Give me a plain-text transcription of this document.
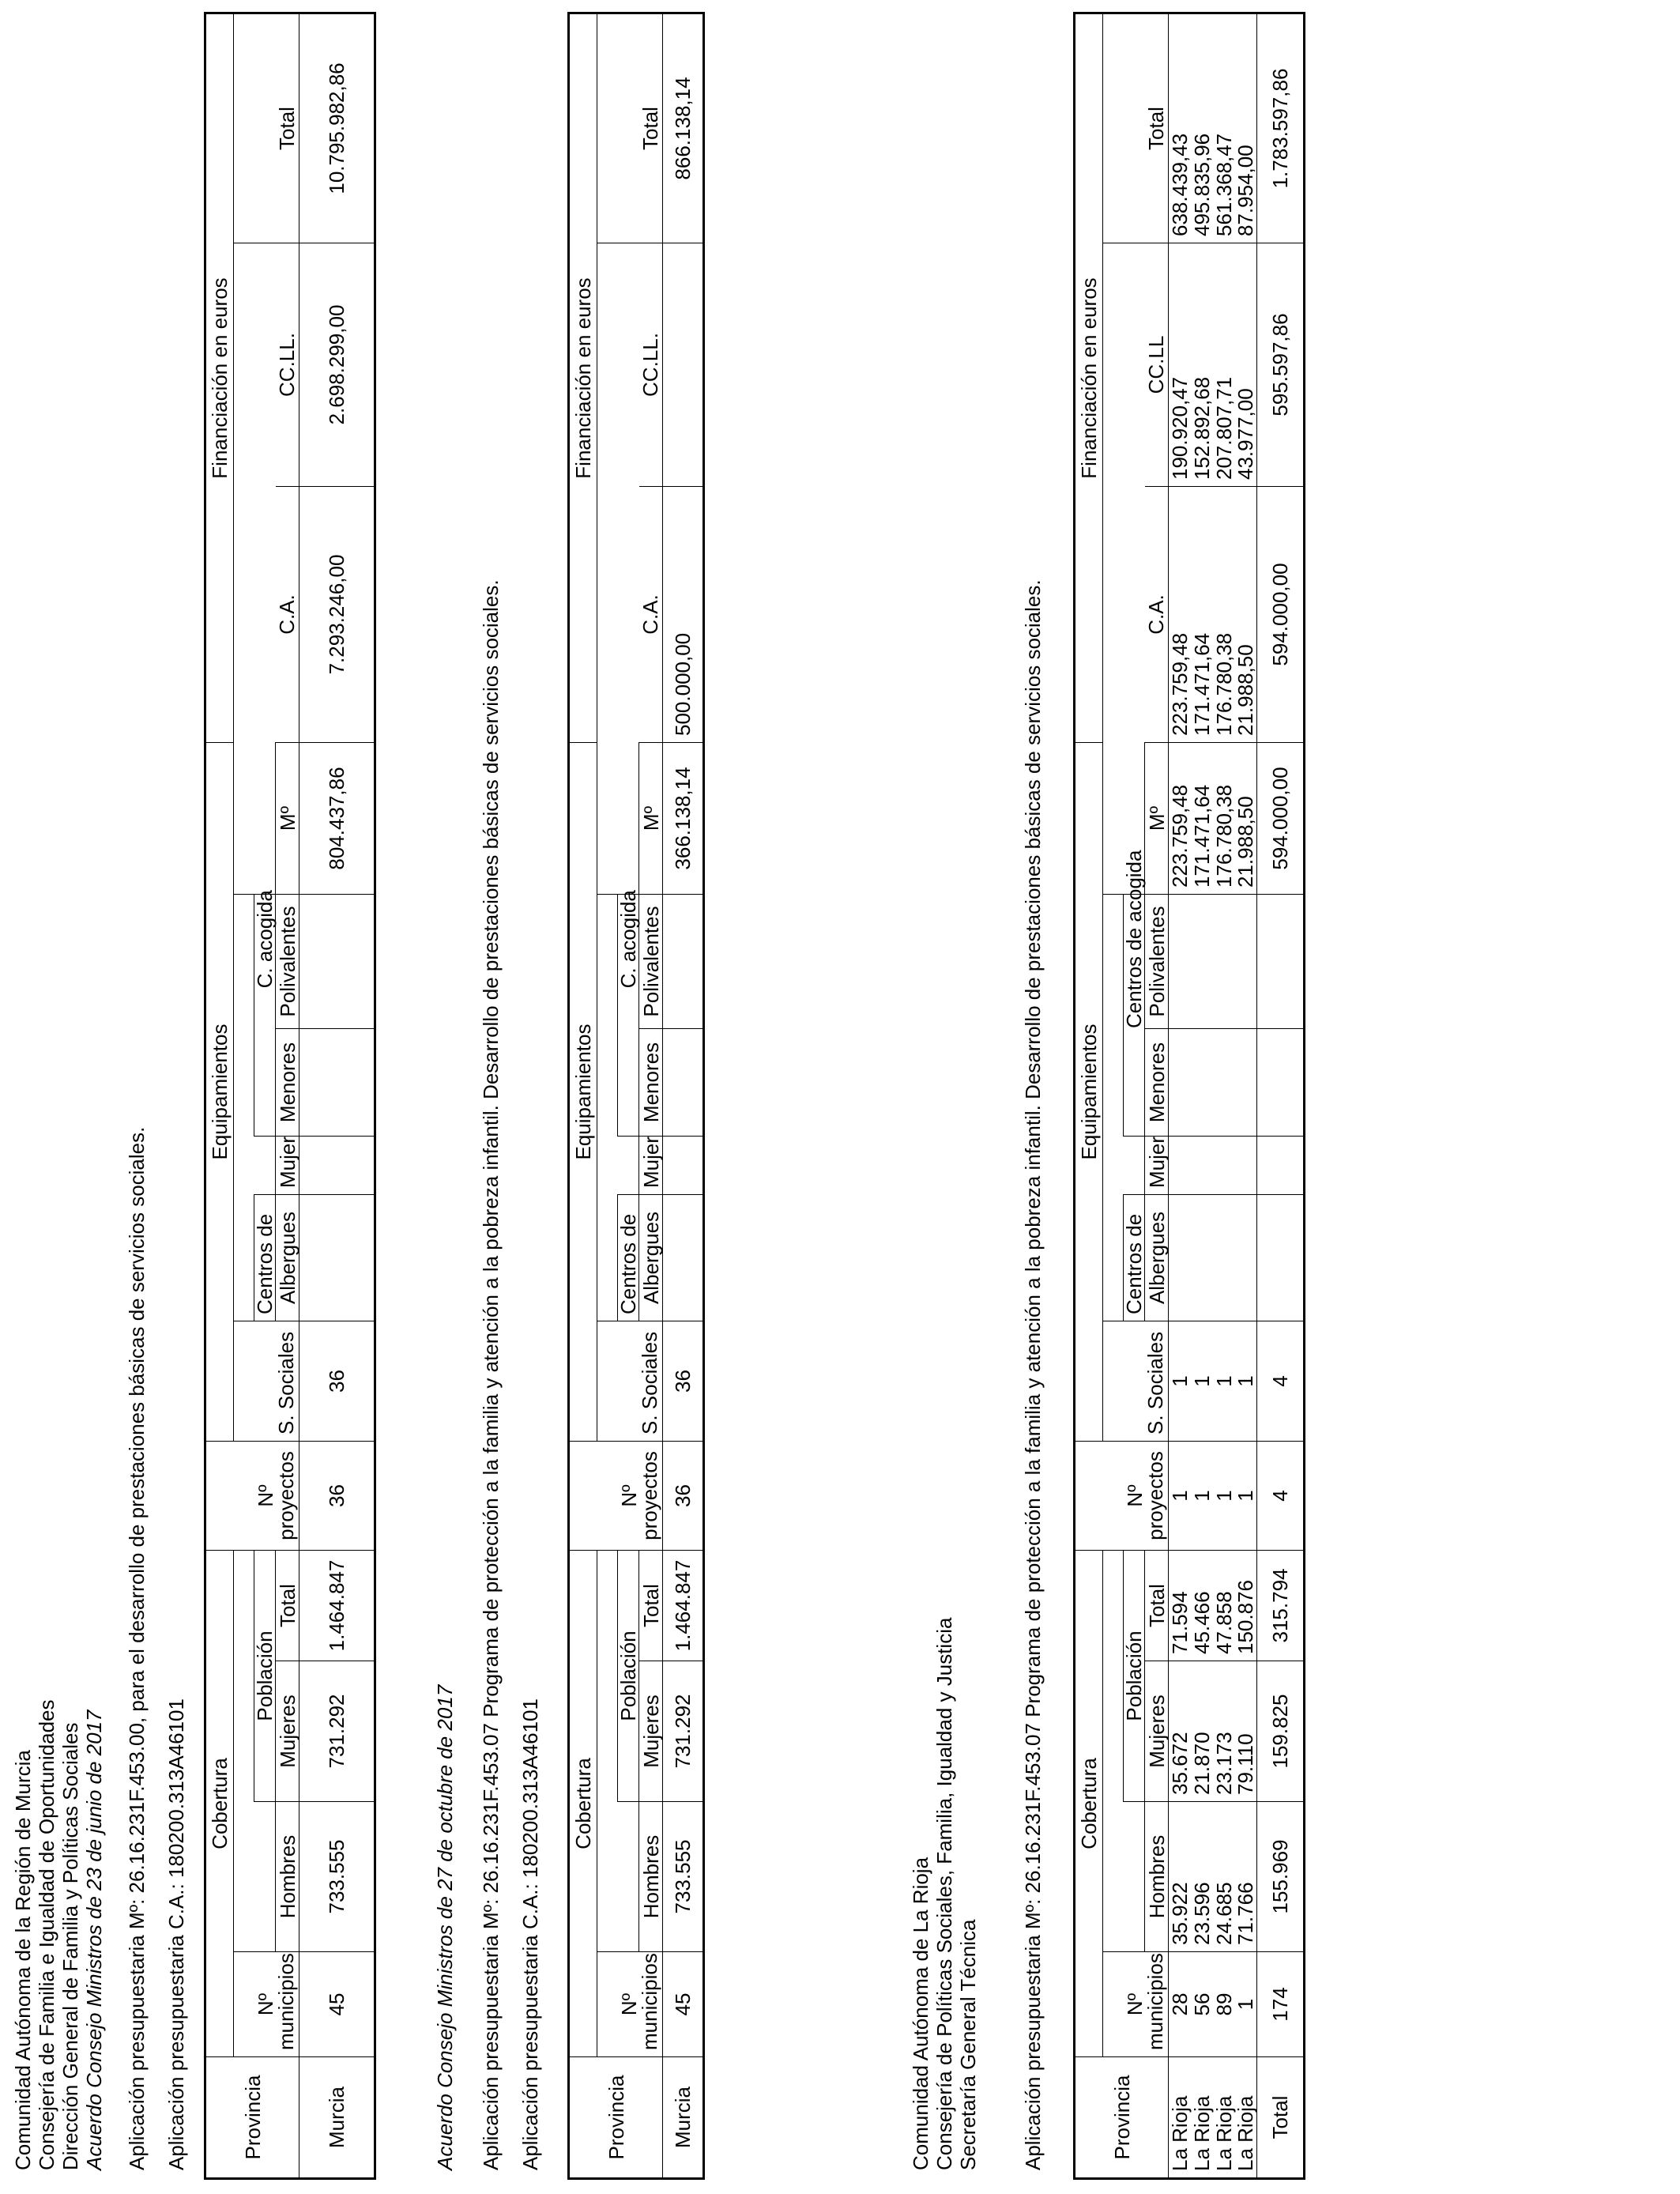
Comunidad Autónoma de la Región de Murcia Consejería de Familia e Igualdad de Oportunidades Dirección General de Familia y Políticas Sociales Acuerdo Consejo Ministros de 23 de junio de 2017 Aplicación presupuestaria Mº: 26.16.231F.453.00, para el desarrollo de prestaciones básicas de servicios sociales. Aplicación presupuestaria C.A.: 180200.313A46101	Provincia	Cobertura				Nº	Equipamientos						Financiación en euros		
	Nº													
			Población				Centros de		C. acogida					
	municipios	Hombres	Mujeres	Total	proyectos	S. Sociales	Albergues	Mujer	Menores	Polivalentes	Mº	C.A.	CC.LL.	Total
Murcia	45	733.555	731.292	1.464.847	36	36					804.437,86	7.293.246,00	2.698.299,00	10.795.982,86
Acuerdo Consejo Ministros de 27 de octubre de 2017 Aplicación presupuestaria Mº: 26.16.231F.453.07 Programa de protección a la familia y atención a la pobreza infantil. Desarrollo de prestaciones básicas de servicios sociales. Aplicación presupuestaria C.A.: 180200.313A46101	Provincia	Cobertura				Nº	Equipamientos						Financiación en euros		
	Nº													
			Población				Centros de		C. acogida					
	municipios	Hombres	Mujeres	Total	proyectos	S. Sociales	Albergues	Mujer	Menores	Polivalentes	Mº	C.A.	CC.LL.	Total
Murcia	45	733.555	731.292	1.464.847	36	36					366.138,14	500.000,00		866.138,14
Comunidad Autónoma de La Rioja Consejería de Políticas Sociales, Familia, Igualdad y Justicia Secretaría General Técnica Aplicación presupuestaria Mº: 26.16.231F.453.07 Programa de protección a la familia y atención a la pobreza infantil. Desarrollo de prestaciones básicas de servicios sociales.	Provincia	Cobertura				Nº	Equipamientos						Financiación en euros		
	Nº													
			Población				Centros de		Centros de acogida					
	municipios	Hombres	Mujeres	Total	proyectos	S. Sociales	Albergues	Mujer	Menores	Polivalentes	Mº	C.A.	CC.LL	Total
La Rioja	28	35.922	35.672	71.594	1	1					223.759,48	223.759,48	190.920,47	638.439,43
La Rioja	56	23.596	21.870	45.466	1	1					171.471,64	171.471,64	152.892,68	495.835,96
La Rioja	89	24.685	23.173	47.858	1	1					176.780,38	176.780,38	207.807,71	561.368,47
La Rioja	1	71.766	79.110	150.876	1	1					21.988,50	21.988,50	43.977,00	87.954,00
Total	174	155.969	159.825	315.794	4	4					594.000,00	594.000,00	595.597,86	1.783.597,86
